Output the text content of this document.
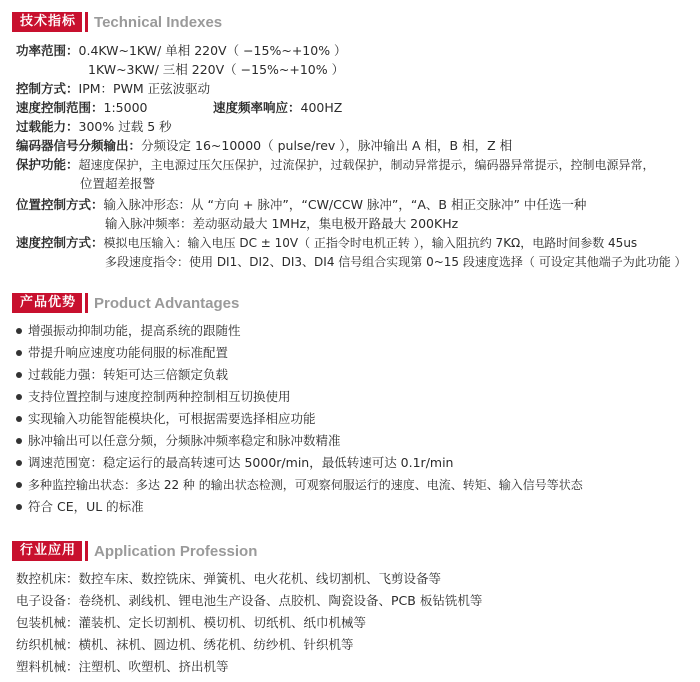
技术指标	Technical Indexes
功率范围：0.4KW~1KW/ 单相 220V（ −15%~+10% ）
1KW~3KW/ 三相 220V（ −15%~+10% ）
控制方式：IPM：PWM 正弦波驱动
速度控制范围：1:5000	速度频率响应：400HZ
过载能力：300% 过载 5 秒
编码器信号分频输出：分频设定 16~10000（ pulse/rev ），脉冲输出 A 相，B 相，Z 相
保护功能：超速度保护，主电源过压欠压保护，过流保护，过载保护，制动异常提示，编码器异常提示，控制电源异常，
位置超差报警
位置控制方式：输入脉冲形态：从 “方向 + 脉冲”，“CW/CCW 脉冲”，“A、B 相正交脉冲” 中任选一种
输入脉冲频率：差动驱动最大 1MHz，集电极开路最大 200KHz
速度控制方式：模拟电压输入：输入电压 DC ± 10V（ 正指令时电机正转 ），输入阻抗约 7KΩ，电路时间参数 45us
多段速度指令：使用 DI1、DI2、DI3、DI4 信号组合实现第 0~15 段速度选择（ 可设定其他端子为此功能 ）
产品优势	Product Advantages
增强振动抑制功能，提高系统的跟随性
带提升响应速度功能伺服的标准配置
过载能力强：转矩可达三倍额定负载
支持位置控制与速度控制两种控制相互切换使用
实现输入功能智能模块化，可根据需要选择相应功能
脉冲输出可以任意分频，分频脉冲频率稳定和脉冲数精准
调速范围宽：稳定运行的最高转速可达 5000r/min，最低转速可达 0.1r/min
多种监控输出状态：多达 22 种 的输出状态检测，可观察伺服运行的速度、电流、转矩、输入信号等状态
符合 CE，UL 的标准
行业应用	Application Profession
数控机床：数控车床、数控铣床、弹簧机、电火花机、线切割机、飞剪设备等
电子设备：卷绕机、剥线机、锂电池生产设备、点胶机、陶瓷设备、PCB 板钻铣机等
包装机械：灌装机、定长切割机、模切机、切纸机、纸巾机械等
纺织机械：横机、袜机、圆边机、绣花机、纺纱机、针织机等
塑料机械：注塑机、吹塑机、挤出机等
